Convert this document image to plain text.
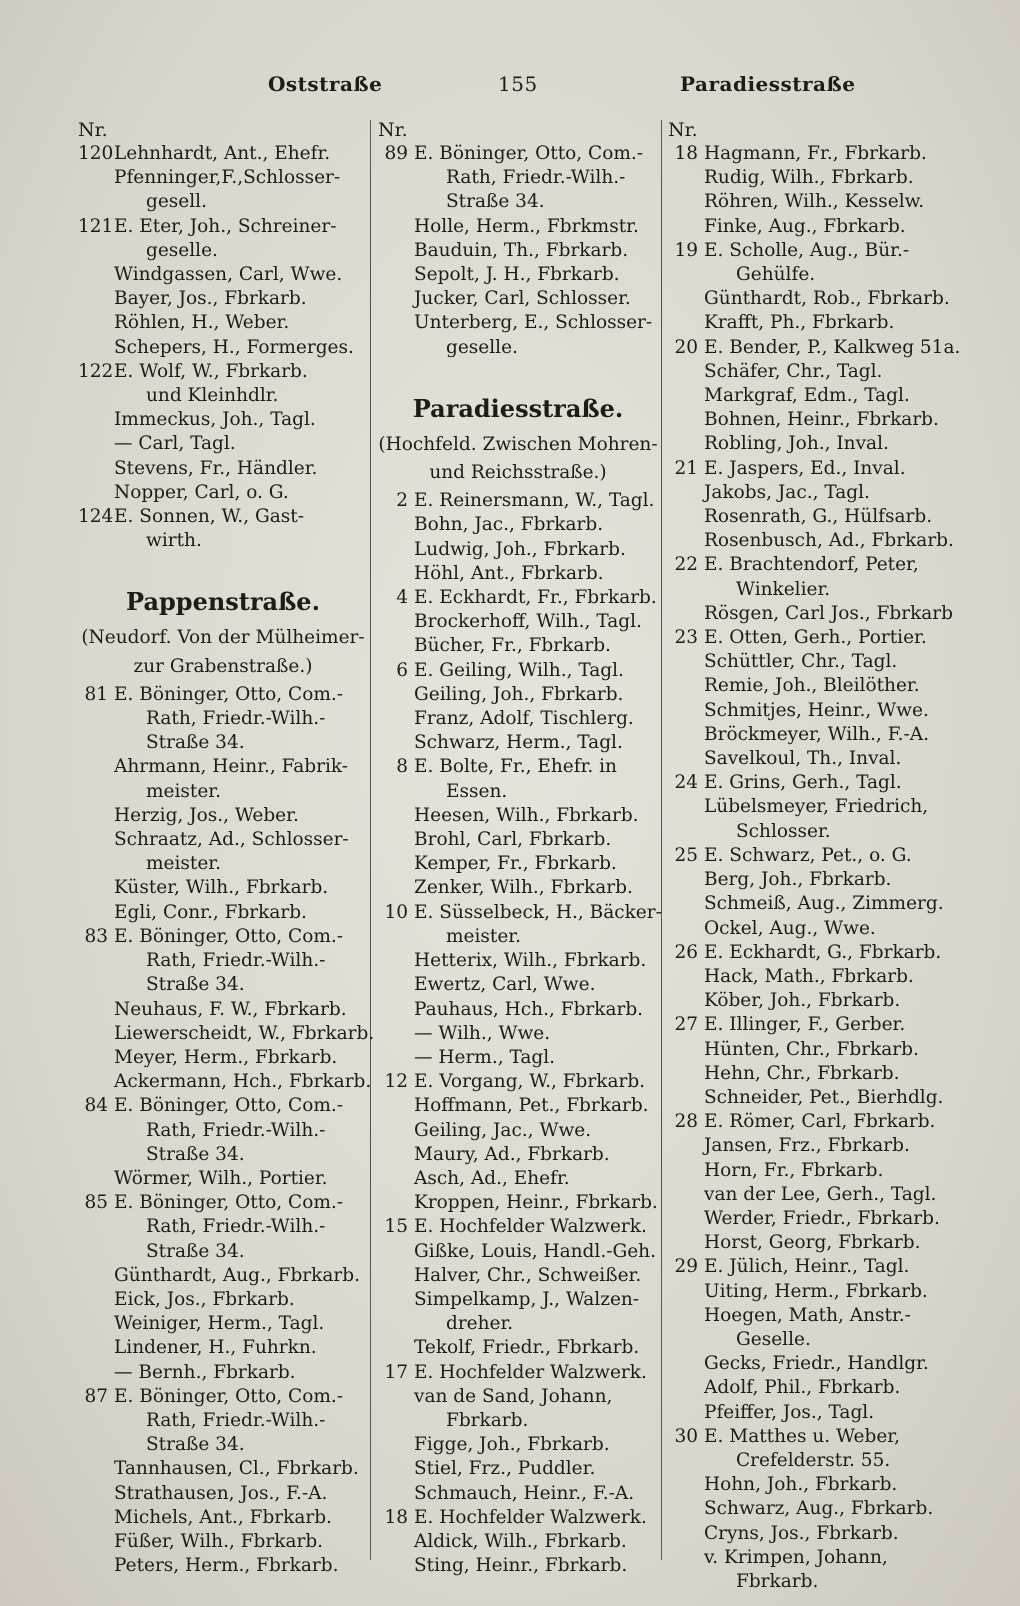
Oststraße	155	Paradiesstraße
Nr.
120Lehnhardt, Ant., Ehefr.
Pfenninger,F.,Schlosser-
gesell.
121E. Eter, Joh., Schreiner-
geselle.
Windgassen, Carl, Wwe.
Bayer, Jos., Fbrkarb.
Röhlen, H., Weber.
Schepers, H., Formerges.
122E. Wolf, W., Fbrkarb.
und Kleinhdlr.
Immeckus, Joh., Tagl.
— Carl, Tagl.
Stevens, Fr., Händler.
Nopper, Carl, o. G.
124E. Sonnen, W., Gast-
wirth.
Pappenstraße.
(Neudorf. Von der Mülheimer-
zur Grabenstraße.)
81 E. Böninger, Otto, Com.-
Rath, Friedr.-Wilh.-
Straße 34.
Ahrmann, Heinr., Fabrik-
meister.
Herzig, Jos., Weber.
Schraatz, Ad., Schlosser-
meister.
Küster, Wilh., Fbrkarb.
Egli, Conr., Fbrkarb.
83 E. Böninger, Otto, Com.-
Rath, Friedr.-Wilh.-
Straße 34.
Neuhaus, F. W., Fbrkarb.
Liewerscheidt, W., Fbrkarb.
Meyer, Herm., Fbrkarb.
Ackermann, Hch., Fbrkarb.
84 E. Böninger, Otto, Com.-
Rath, Friedr.-Wilh.-
Straße 34.
Wörmer, Wilh., Portier.
85 E. Böninger, Otto, Com.-
Rath, Friedr.-Wilh.-
Straße 34.
Günthardt, Aug., Fbrkarb.
Eick, Jos., Fbrkarb.
Weiniger, Herm., Tagl.
Lindener, H., Fuhrkn.
— Bernh., Fbrkarb.
87 E. Böninger, Otto, Com.-
Rath, Friedr.-Wilh.-
Straße 34.
Tannhausen, Cl., Fbrkarb.
Strathausen, Jos., F.-A.
Michels, Ant., Fbrkarb.
Füßer, Wilh., Fbrkarb.
Peters, Herm., Fbrkarb.
Nr.
89 E. Böninger, Otto, Com.-
Rath, Friedr.-Wilh.-
Straße 34.
Holle, Herm., Fbrkmstr.
Bauduin, Th., Fbrkarb.
Sepolt, J. H., Fbrkarb.
Jucker, Carl, Schlosser.
Unterberg, E., Schlosser-
geselle.
Paradiesstraße.
(Hochfeld. Zwischen Mohren-
und Reichsstraße.)
2 E. Reinersmann, W., Tagl.
Bohn, Jac., Fbrkarb.
Ludwig, Joh., Fbrkarb.
Höhl, Ant., Fbrkarb.
4 E. Eckhardt, Fr., Fbrkarb.
Brockerhoff, Wilh., Tagl.
Bücher, Fr., Fbrkarb.
6 E. Geiling, Wilh., Tagl.
Geiling, Joh., Fbrkarb.
Franz, Adolf, Tischlerg.
Schwarz, Herm., Tagl.
8 E. Bolte, Fr., Ehefr. in
Essen.
Heesen, Wilh., Fbrkarb.
Brohl, Carl, Fbrkarb.
Kemper, Fr., Fbrkarb.
Zenker, Wilh., Fbrkarb.
10 E. Süsselbeck, H., Bäcker-
meister.
Hetterix, Wilh., Fbrkarb.
Ewertz, Carl, Wwe.
Pauhaus, Hch., Fbrkarb.
— Wilh., Wwe.
— Herm., Tagl.
12 E. Vorgang, W., Fbrkarb.
Hoffmann, Pet., Fbrkarb.
Geiling, Jac., Wwe.
Maury, Ad., Fbrkarb.
Asch, Ad., Ehefr.
Kroppen, Heinr., Fbrkarb.
15 E. Hochfelder Walzwerk.
Gißke, Louis, Handl.-Geh.
Halver, Chr., Schweißer.
Simpelkamp, J., Walzen-
dreher.
Tekolf, Friedr., Fbrkarb.
17 E. Hochfelder Walzwerk.
van de Sand, Johann,
Fbrkarb.
Figge, Joh., Fbrkarb.
Stiel, Frz., Puddler.
Schmauch, Heinr., F.-A.
18 E. Hochfelder Walzwerk.
Aldick, Wilh., Fbrkarb.
Sting, Heinr., Fbrkarb.
Nr.
18 Hagmann, Fr., Fbrkarb.
Rudig, Wilh., Fbrkarb.
Röhren, Wilh., Kesselw.
Finke, Aug., Fbrkarb.
19 E. Scholle, Aug., Bür.-
Gehülfe.
Günthardt, Rob., Fbrkarb.
Krafft, Ph., Fbrkarb.
20 E. Bender, P., Kalkweg 51a.
Schäfer, Chr., Tagl.
Markgraf, Edm., Tagl.
Bohnen, Heinr., Fbrkarb.
Robling, Joh., Inval.
21 E. Jaspers, Ed., Inval.
Jakobs, Jac., Tagl.
Rosenrath, G., Hülfsarb.
Rosenbusch, Ad., Fbrkarb.
22 E. Brachtendorf, Peter,
Winkelier.
Rösgen, Carl Jos., Fbrkarb
23 E. Otten, Gerh., Portier.
Schüttler, Chr., Tagl.
Remie, Joh., Bleilöther.
Schmitjes, Heinr., Wwe.
Bröckmeyer, Wilh., F.-A.
Savelkoul, Th., Inval.
24 E. Grins, Gerh., Tagl.
Lübelsmeyer, Friedrich,
Schlosser.
25 E. Schwarz, Pet., o. G.
Berg, Joh., Fbrkarb.
Schmeiß, Aug., Zimmerg.
Ockel, Aug., Wwe.
26 E. Eckhardt, G., Fbrkarb.
Hack, Math., Fbrkarb.
Köber, Joh., Fbrkarb.
27 E. Illinger, F., Gerber.
Hünten, Chr., Fbrkarb.
Hehn, Chr., Fbrkarb.
Schneider, Pet., Bierhdlg.
28 E. Römer, Carl, Fbrkarb.
Jansen, Frz., Fbrkarb.
Horn, Fr., Fbrkarb.
van der Lee, Gerh., Tagl.
Werder, Friedr., Fbrkarb.
Horst, Georg, Fbrkarb.
29 E. Jülich, Heinr., Tagl.
Uiting, Herm., Fbrkarb.
Hoegen, Math, Anstr.-
Geselle.
Gecks, Friedr., Handlgr.
Adolf, Phil., Fbrkarb.
Pfeiffer, Jos., Tagl.
30 E. Matthes u. Weber,
Crefelderstr. 55.
Hohn, Joh., Fbrkarb.
Schwarz, Aug., Fbrkarb.
Cryns, Jos., Fbrkarb.
v. Krimpen, Johann,
Fbrkarb.
